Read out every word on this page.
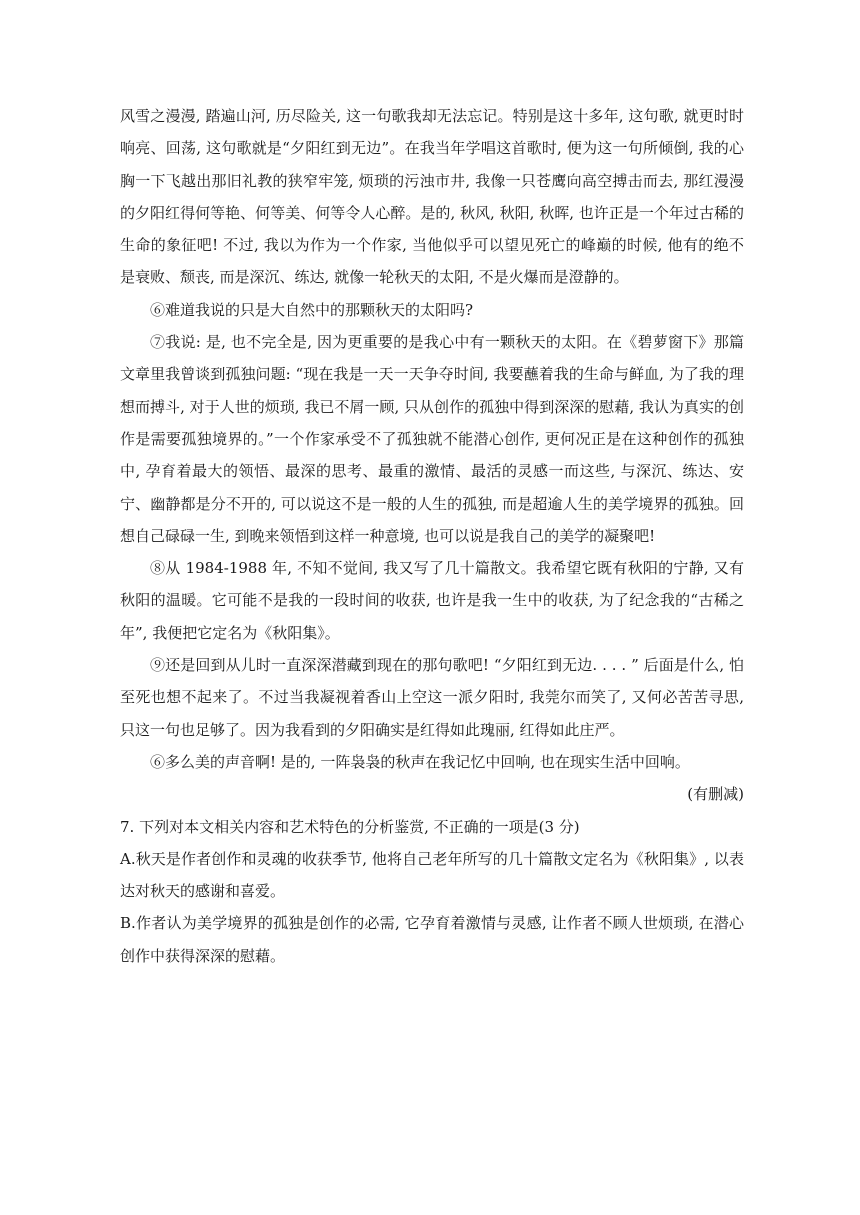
风雪之漫漫, 踏遍山河, 历尽险关, 这一句歌我却无法忘记。特别是这十多年, 这句歌, 就更时时响亮、回荡, 这句歌就是“夕阳红到无边”。在我当年学唱这首歌时, 便为这一句所倾倒, 我的心胸一下飞越出那旧礼教的狭窄牢笼, 烦琐的污浊市井, 我像一只苍鹰向高空搏击而去, 那红漫漫的夕阳红得何等艳、何等美、何等令人心醉。是的, 秋风, 秋阳, 秋晖, 也许正是一个年过古稀的生命的象征吧! 不过, 我以为作为一个作家, 当他似乎可以望见死亡的峰巅的时候, 他有的绝不是衰败、颓丧, 而是深沉、练达, 就像一轮秋天的太阳, 不是火爆而是澄静的。

⑥难道我说的只是大自然中的那颗秋天的太阳吗?

⑦我说: 是, 也不完全是, 因为更重要的是我心中有一颗秋天的太阳。在《碧萝窗下》那篇文章里我曾谈到孤独问题: “现在我是一天一天争夺时间, 我要蘸着我的生命与鲜血, 为了我的理想而搏斗, 对于人世的烦琐, 我已不屑一顾, 只从创作的孤独中得到深深的慰藉, 我认为真实的创作是需要孤独境界的。”一个作家承受不了孤独就不能潜心创作, 更何况正是在这种创作的孤独中, 孕育着最大的领悟、最深的思考、最重的激情、最活的灵感一而这些, 与深沉、练达、安宁、幽静都是分不开的, 可以说这不是一般的人生的孤独, 而是超逾人生的美学境界的孤独。回想自己碌碌一生, 到晚来领悟到这样一种意境, 也可以说是我自己的美学的凝聚吧!

⑧从 1984-1988 年, 不知不觉间, 我又写了几十篇散文。我希望它既有秋阳的宁静, 又有秋阳的温暖。它可能不是我的一段时间的收获, 也许是我一生中的收获, 为了纪念我的“古稀之年”, 我便把它定名为《秋阳集》。

⑨还是回到从儿时一直深深潜藏到现在的那句歌吧! “夕阳红到无边. . . . ” 后面是什么, 怕至死也想不起来了。不过当我凝视着香山上空这一派夕阳时, 我莞尔而笑了, 又何必苦苦寻思, 只这一句也足够了。因为我看到的夕阳确实是红得如此瑰丽, 红得如此庄严。

⑥多么美的声音啊! 是的, 一阵袅袅的秋声在我记忆中回响, 也在现实生活中回响。

(有删减)

7. 下列对本文相关内容和艺术特色的分析鉴赏, 不正确的一项是(3 分)

A.秋天是作者创作和灵魂的收获季节, 他将自己老年所写的几十篇散文定名为《秋阳集》, 以表达对秋天的感谢和喜爱。

B.作者认为美学境界的孤独是创作的必需, 它孕育着激情与灵感, 让作者不顾人世烦琐, 在潜心创作中获得深深的慰藉。
